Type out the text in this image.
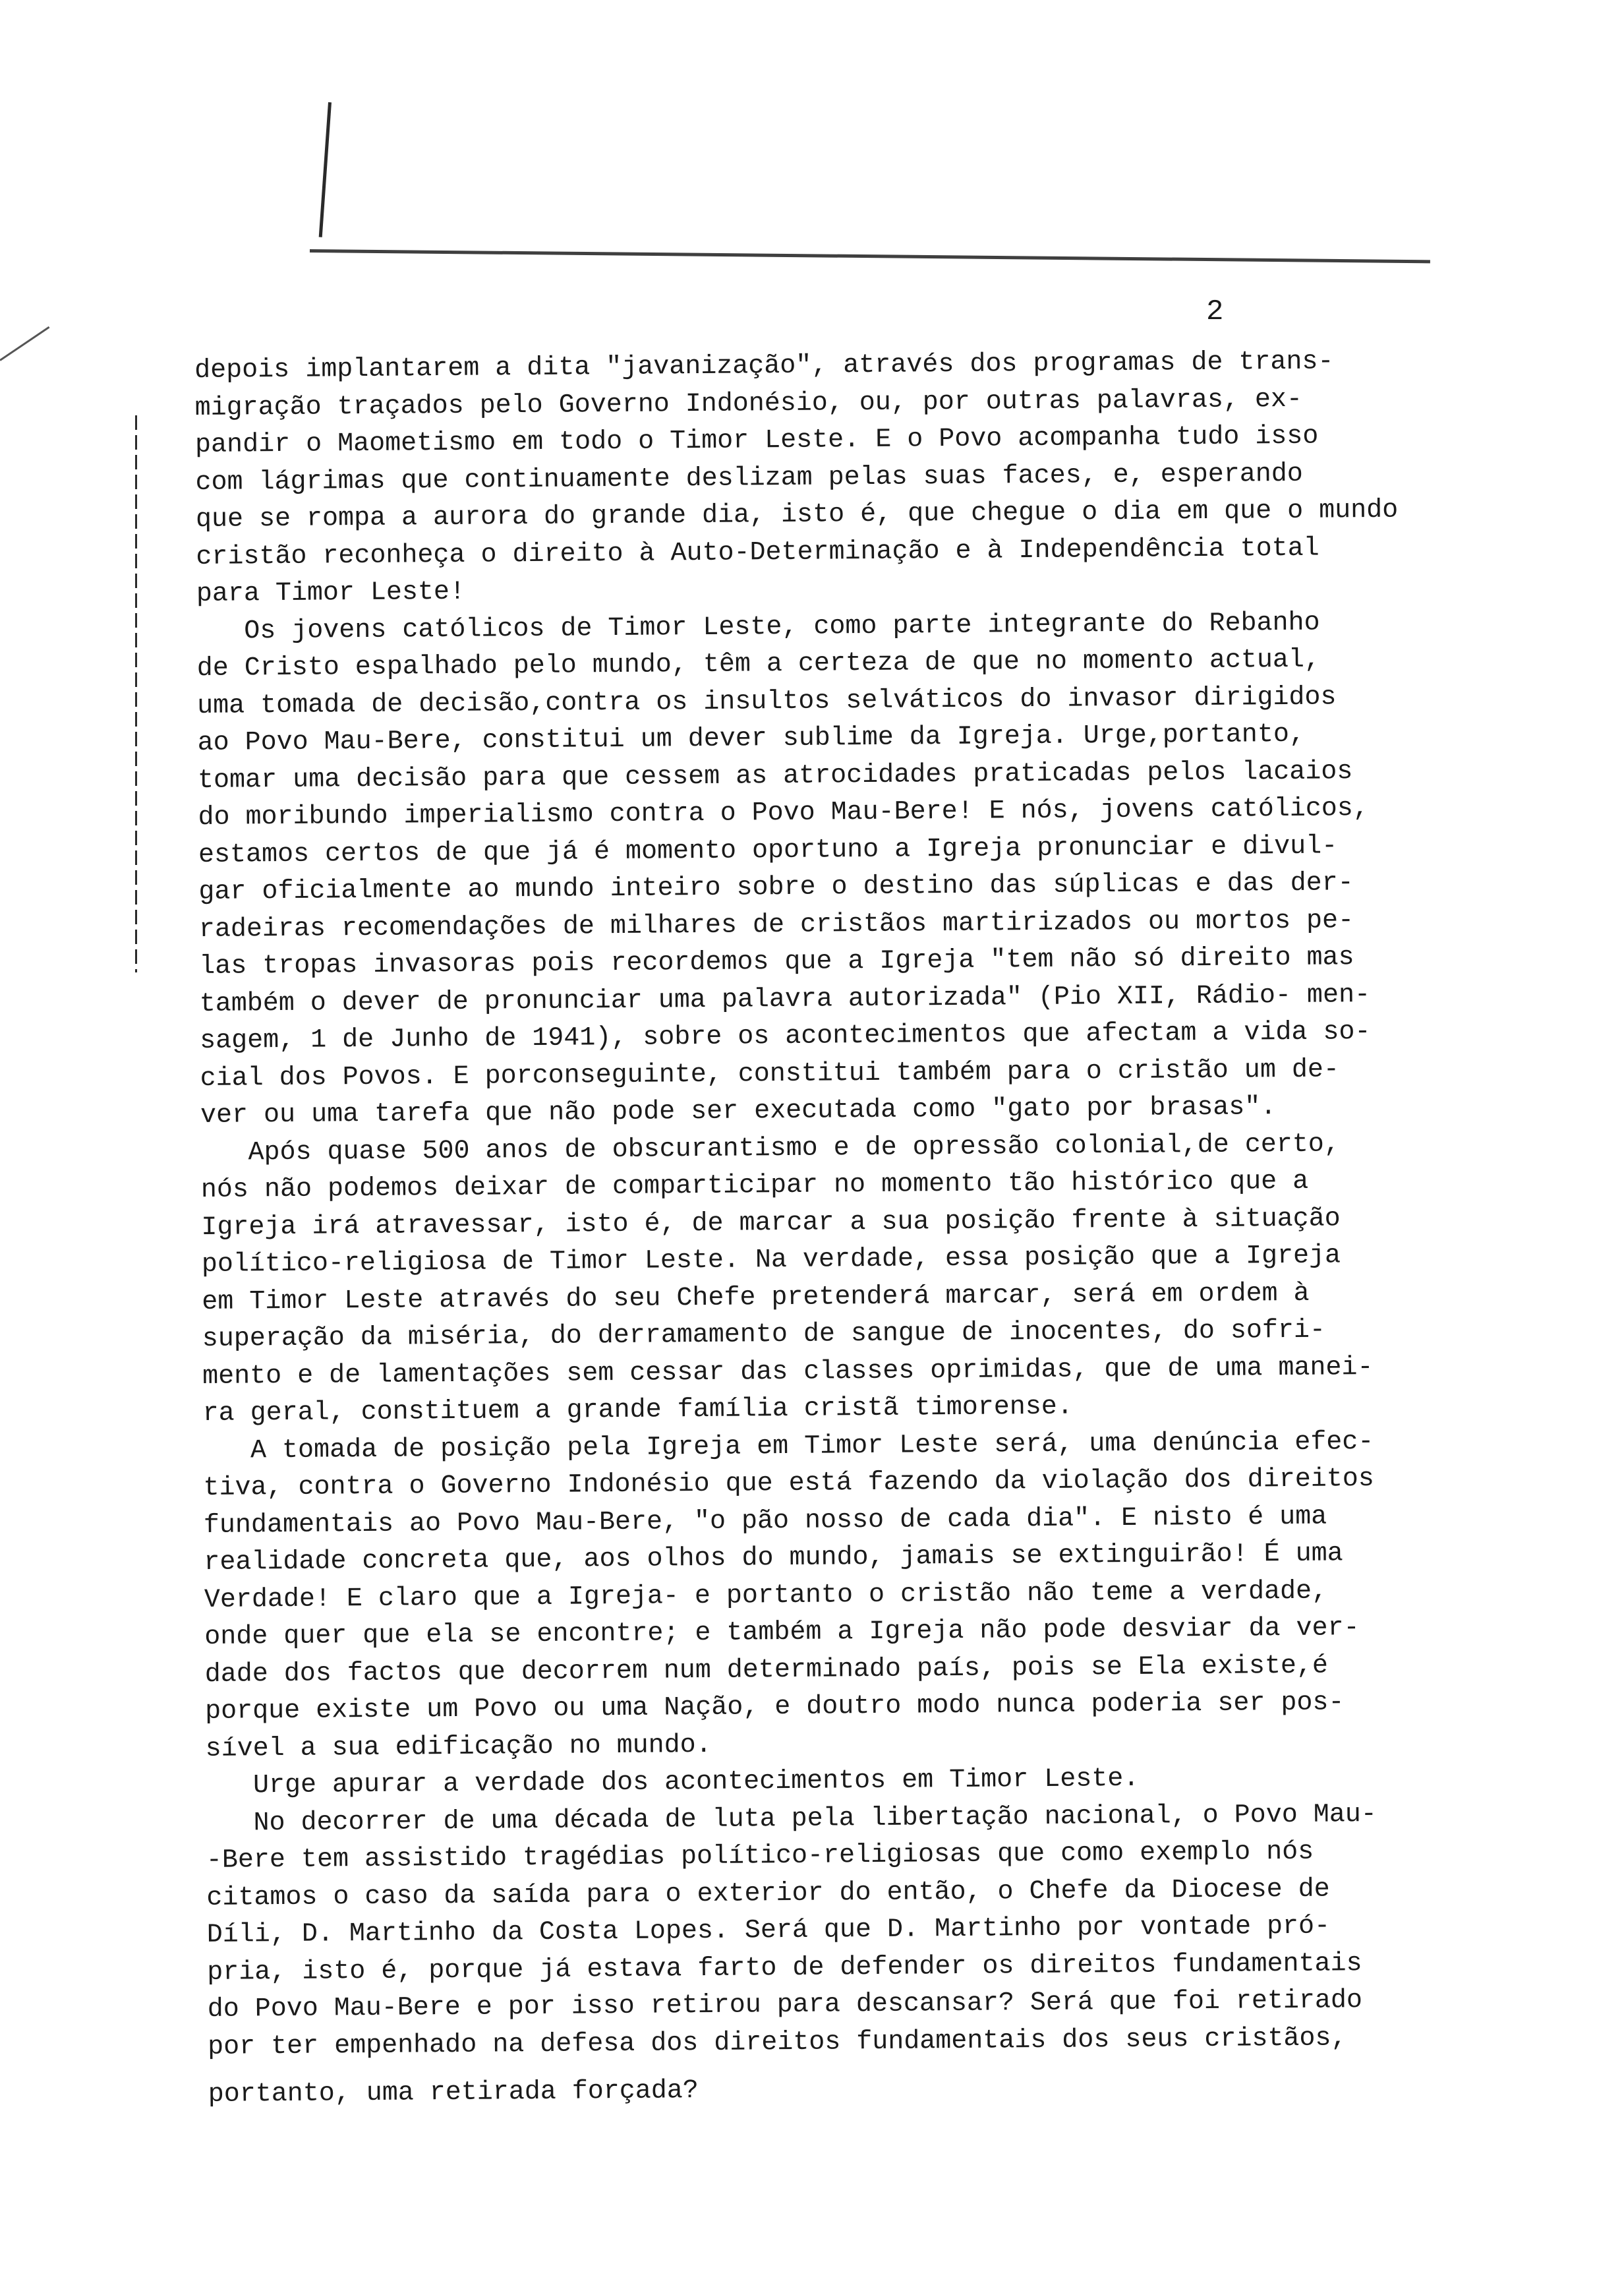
2
depois implantarem a dita "javanização", através dos programas de trans-
migração traçados pelo Governo Indonésio, ou, por outras palavras, ex-
pandir o Maometismo em todo o Timor Leste. E o Povo acompanha tudo isso
com lágrimas que continuamente deslizam pelas suas faces, e, esperando
que se rompa a aurora do grande dia, isto é, que chegue o dia em que o mundo
cristão reconheça o direito à Auto-Determinação e à Independência total
para Timor Leste!
Os jovens católicos de Timor Leste, como parte integrante do Rebanho
de Cristo espalhado pelo mundo, têm a certeza de que no momento actual,
uma tomada de decisão,contra os insultos selváticos do invasor dirigidos
ao Povo Mau-Bere, constitui um dever sublime da Igreja. Urge,portanto,
tomar uma decisão para que cessem as atrocidades praticadas pelos lacaios
do moribundo imperialismo contra o Povo Mau-Bere! E nós, jovens católicos,
estamos certos de que já é momento oportuno a Igreja pronunciar e divul-
gar oficialmente ao mundo inteiro sobre o destino das súplicas e das der-
radeiras recomendações de milhares de cristãos martirizados ou mortos pe-
las tropas invasoras pois recordemos que a Igreja "tem não só direito mas
também o dever de pronunciar uma palavra autorizada" (Pio XII, Rádio- men-
sagem, 1 de Junho de 1941), sobre os acontecimentos que afectam a vida so-
cial dos Povos. E porconseguinte, constitui também para o cristão um de-
ver ou uma tarefa que não pode ser executada como "gato por brasas".
Após quase 500 anos de obscurantismo e de opressão colonial,de certo,
nós não podemos deixar de comparticipar no momento tão histórico que a
Igreja irá atravessar, isto é, de marcar a sua posição frente à situação
político-religiosa de Timor Leste. Na verdade, essa posição que a Igreja
em Timor Leste através do seu Chefe pretenderá marcar, será em ordem à
superação da miséria, do derramamento de sangue de inocentes, do sofri-
mento e de lamentações sem cessar das classes oprimidas, que de uma manei-
ra geral, constituem a grande família cristã timorense.
A tomada de posição pela Igreja em Timor Leste será, uma denúncia efec-
tiva, contra o Governo Indonésio que está fazendo da violação dos direitos
fundamentais ao Povo Mau-Bere, "o pão nosso de cada dia". E nisto é uma
realidade concreta que, aos olhos do mundo, jamais se extinguirão! É uma
Verdade! E claro que a Igreja- e portanto o cristão não teme a verdade,
onde quer que ela se encontre; e também a Igreja não pode desviar da ver-
dade dos factos que decorrem num determinado país, pois se Ela existe,é
porque existe um Povo ou uma Nação, e doutro modo nunca poderia ser pos-
sível a sua edificação no mundo.
Urge apurar a verdade dos acontecimentos em Timor Leste.
No decorrer de uma década de luta pela libertação nacional, o Povo Mau-
-Bere tem assistido tragédias político-religiosas que como exemplo nós
citamos o caso da saída para o exterior do então, o Chefe da Diocese de
Díli, D. Martinho da Costa Lopes. Será que D. Martinho por vontade pró-
pria, isto é, porque já estava farto de defender os direitos fundamentais
do Povo Mau-Bere e por isso retirou para descansar? Será que foi retirado
por ter empenhado na defesa dos direitos fundamentais dos seus cristãos,
portanto, uma retirada forçada?
